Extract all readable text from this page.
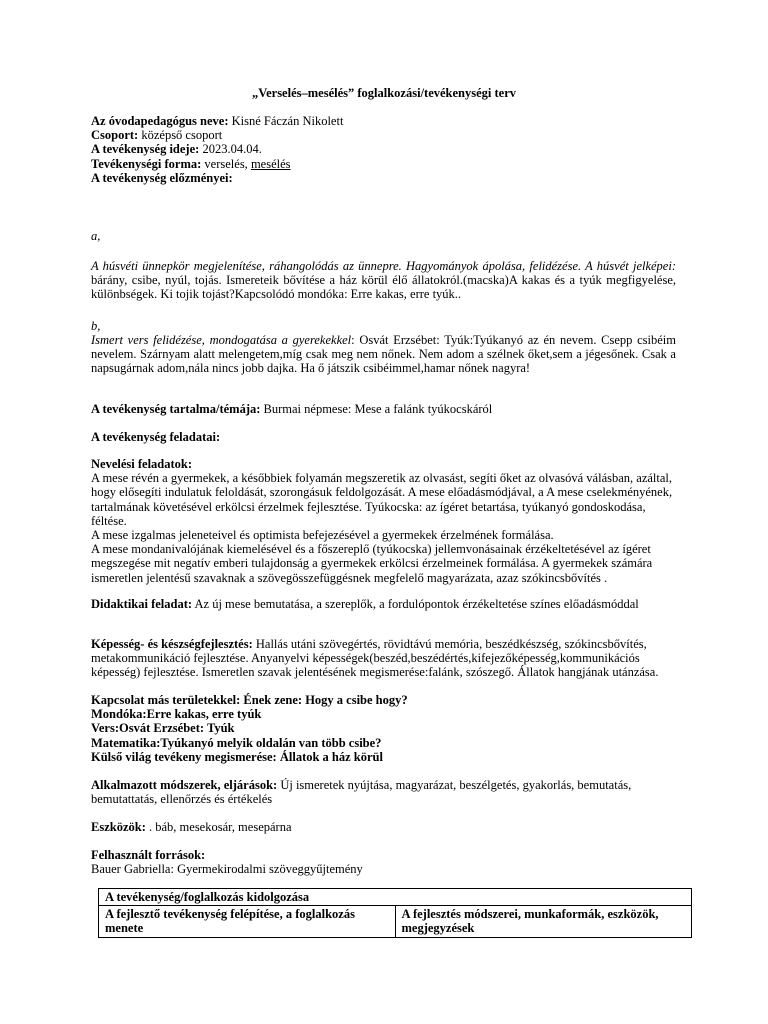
„Verselés–mesélés” foglalkozási/tevékenységi terv

Az óvodapedagógus neve: Kisné Fáczán Nikolett

Csoport: középső csoport

A tevékenység ideje: 2023.04.04.

Tevékenységi forma: verselés, mesélés

A tevékenység előzményei:

a,

A húsvéti ünnepkör megjelenítése, ráhangolódás az ünnepre. Hagyományok ápolása, felidézése. A húsvét jelképei: bárány, csibe, nyúl, tojás. Ismereteik bővítése a ház körül élő állatokról.(macska)A kakas és a tyúk megfigyelése, különbségek. Ki tojik tojást?Kapcsolódó mondóka: Erre kakas, erre tyúk..

b,

Ismert vers felidézése, mondogatása a gyerekekkel: Osvát Erzsébet: Tyúk:Tyúkanyó az én nevem. Csepp csibéim nevelem. Szárnyam alatt melengetem,míg csak meg nem nőnek. Nem adom a szélnek őket,sem a jégesőnek. Csak a napsugárnak adom,nála nincs jobb dajka. Ha ő játszik csibéimmel,hamar nőnek nagyra!

A tevékenység tartalma/témája: Burmai népmese: Mese a falánk tyúkocskáról

A tevékenység feladatai:

Nevelési feladatok:

A mese révén a gyermekek, a későbbiek folyamán megszeretik az olvasást, segíti őket az olvasóvá válásban, azáltal, hogy elősegíti indulatuk feloldását, szorongásuk feldolgozását. A mese előadásmódjával, a A mese cselekményének, tartalmának követésével erkölcsi érzelmek fejlesztése. Tyúkocska: az ígéret betartása, tyúkanyó gondoskodása, féltése.

A mese izgalmas jeleneteivel és optimista befejezésével a gyermekek érzelmének formálása.

A mese mondanivalójának kiemelésével és a főszereplő (tyúkocska) jellemvonásainak érzékeltetésével az ígéret megszegése mit negatív emberi tulajdonság a gyermekek erkölcsi érzelmeinek formálása. A gyermekek számára ismeretlen jelentésű szavaknak a szövegösszefüggésnek megfelelő magyarázata, azaz szókincsbővítés .

Didaktikai feladat: Az új mese bemutatása, a szereplők, a fordulópontok érzékeltetése színes előadásmóddal

Képesség- és készségfejlesztés: Hallás utáni szövegértés, rövidtávú memória, beszédkészség, szókincsbővítés, metakommunikáció fejlesztése. Anyanyelvi képességek(beszéd,beszédértés,kifejezőképesség,kommunikációs képesség) fejlesztése. Ismeretlen szavak jelentésének megismerése:falánk, szószegő. Állatok hangjának utánzása.

Kapcsolat más területekkel: Ének zene: Hogy a csibe hogy?

Mondóka:Erre kakas, erre tyúk

Vers:Osvát Erzsébet: Tyúk

Matematika:Tyúkanyó melyik oldalán van több csibe?

Külső világ tevékeny megismerése: Állatok a ház körül

Alkalmazott módszerek, eljárások: Új ismeretek nyújtása, magyarázat, beszélgetés, gyakorlás, bemutatás, bemutattatás, ellenőrzés és értékelés

Eszközök: . báb, mesekosár, mesepárna

Felhasznált források:

Bauer Gabriella: Gyermekirodalmi szöveggyűjtemény

A tevékenység/foglalkozás kidolgozása
A fejlesztő tevékenység felépítése, a foglalkozás menete	A fejlesztés módszerei, munkaformák, eszközök, megjegyzések
